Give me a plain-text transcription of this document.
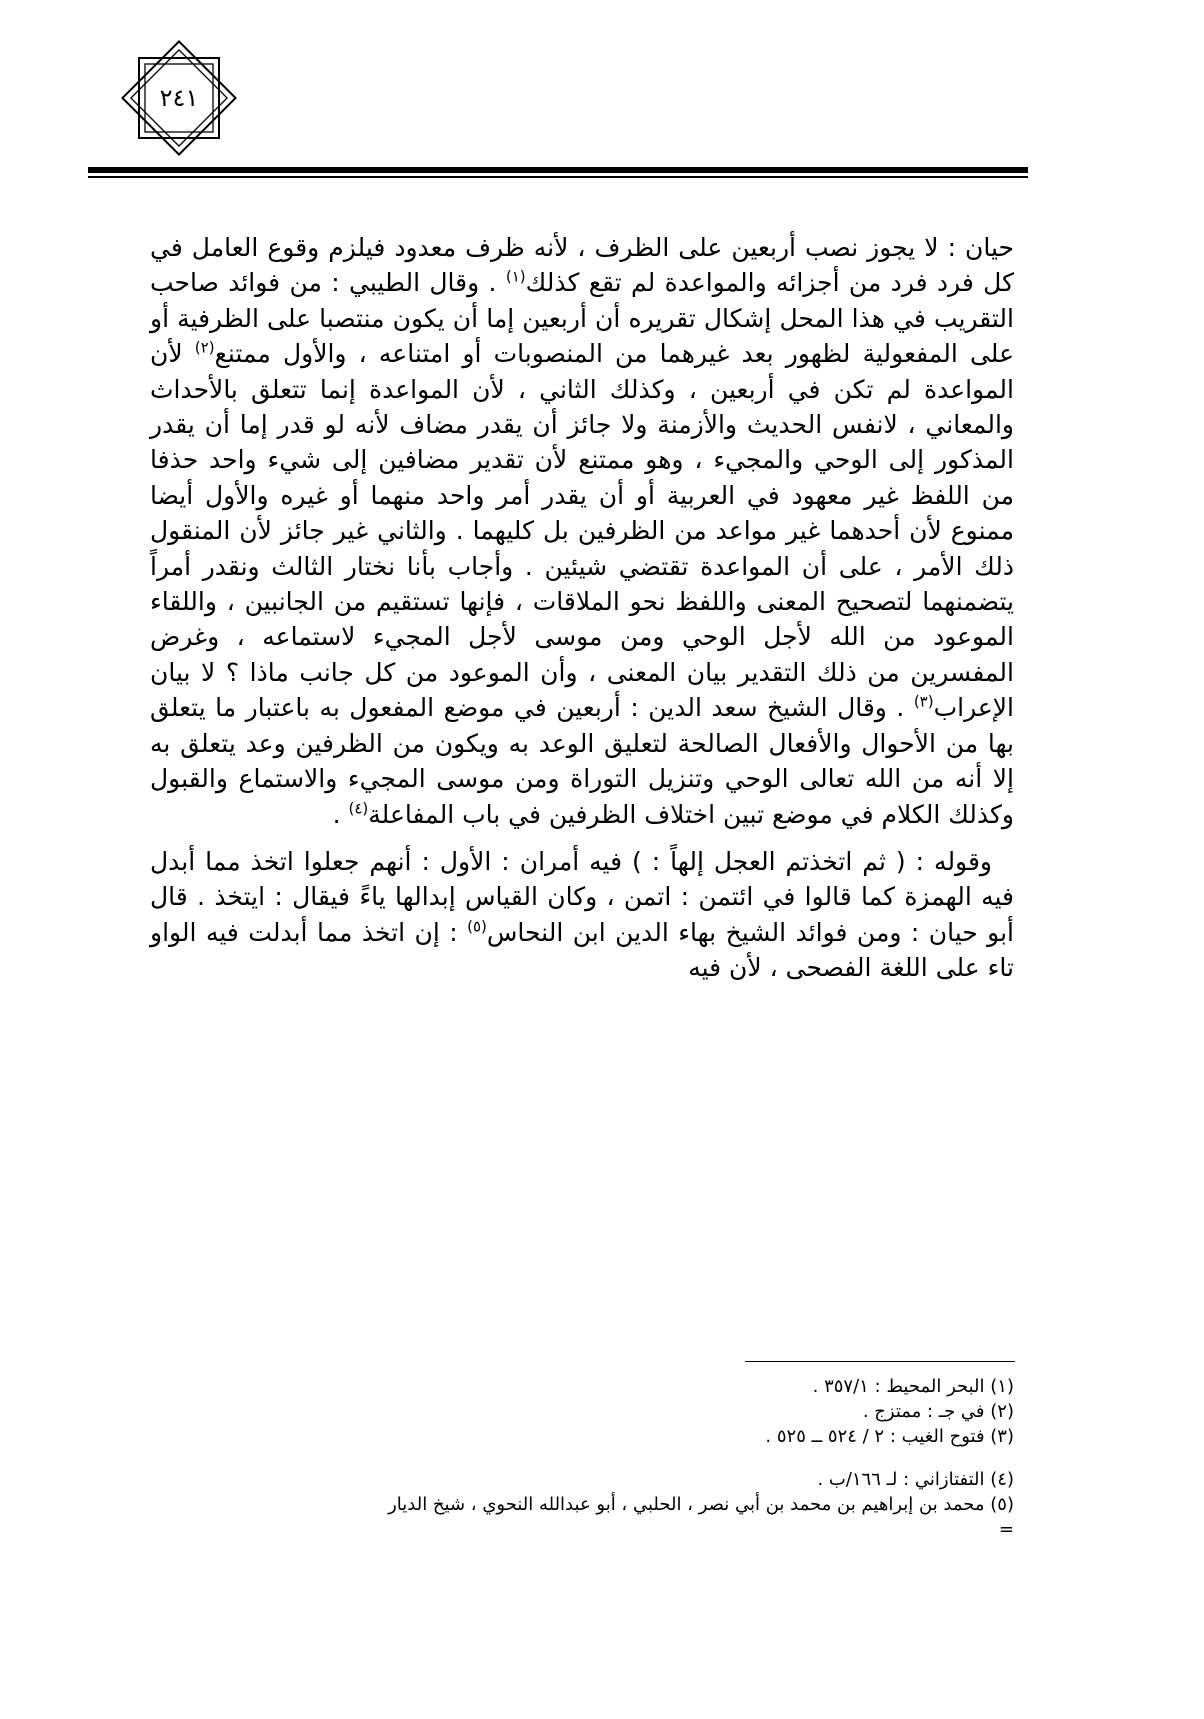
٢٤١

حيان : لا يجوز نصب أربعين على الظرف ، لأنه ظرف معدود فيلزم وقوع العامل في كل فرد فرد من أجزائه والمواعدة لم تقع كذلك$^{(١)}$ . وقال الطيبي : من فوائد صاحب التقريب في هذا المحل إشكال تقريره أن أربعين إما أن يكون منتصبا على الظرفية أو على المفعولية لظهور بعد غيرهما من المنصوبات أو امتناعه ، والأول ممتنع$^{(٢)}$ لأن المواعدة لم تكن في أربعين ، وكذلك الثاني ، لأن المواعدة إنما تتعلق بالأحداث والمعاني ، لانفس الحديث والأزمنة ولا جائز أن يقدر مضاف لأنه لو قدر إما أن يقدر المذكور إلى الوحي والمجيء ، وهو ممتنع لأن تقدير مضافين إلى شيء واحد حذفا من اللفظ غير معهود في العربية أو أن يقدر أمر واحد منهما أو غيره والأول أيضا ممنوع لأن أحدهما غير مواعد من الظرفين بل كليهما . والثاني غير جائز لأن المنقول ذلك الأمر ، على أن المواعدة تقتضي شيئين . وأجاب بأنا نختار الثالث ونقدر أمراً يتضمنهما لتصحيح المعنى واللفظ نحو الملاقات ، فإنها تستقيم من الجانبين ، واللقاء الموعود من الله لأجل الوحي ومن موسى لأجل المجيء لاستماعه ، وغرض المفسرين من ذلك التقدير بيان المعنى ، وأن الموعود من كل جانب ماذا ؟ لا بيان الإعراب$^{(٣)}$ . وقال الشيخ سعد الدين : أربعين في موضع المفعول به باعتبار ما يتعلق بها من الأحوال والأفعال الصالحة لتعليق الوعد به ويكون من الظرفين وعد يتعلق به إلا أنه من الله تعالى الوحي وتنزيل التوراة ومن موسى المجيء والاستماع والقبول وكذلك الكلام في موضع تبين اختلاف الظرفين في باب المفاعلة$^{(٤)}$ .

وقوله : ( ثم اتخذتم العجل إلهاً : ) فيه أمران : الأول : أنهم جعلوا اتخذ مما أبدل فيه الهمزة كما قالوا في ائتمن : اتمن ، وكان القياس إبدالها ياءً فيقال : ايتخذ . قال أبو حيان : ومن فوائد الشيخ بهاء الدين ابن النحاس$^{(٥)}$ : إن اتخذ مما أبدلت فيه الواو تاء على اللغة الفصحى ، لأن فيه

(١) البحر المحيط : ٣٥٧/١ .
(٢) في جـ : ممتزج .
(٣) فتوح الغيب : ٢ / ٥٢٤ ــ ٥٢٥ .
(٤) التفتازاني : لـ ١٦٦/ب .
(٥) محمد بن إبراهيم بن محمد بن أبي نصر ، الحلبي ، أبو عبدالله النحوي ، شيخ الديار
=
